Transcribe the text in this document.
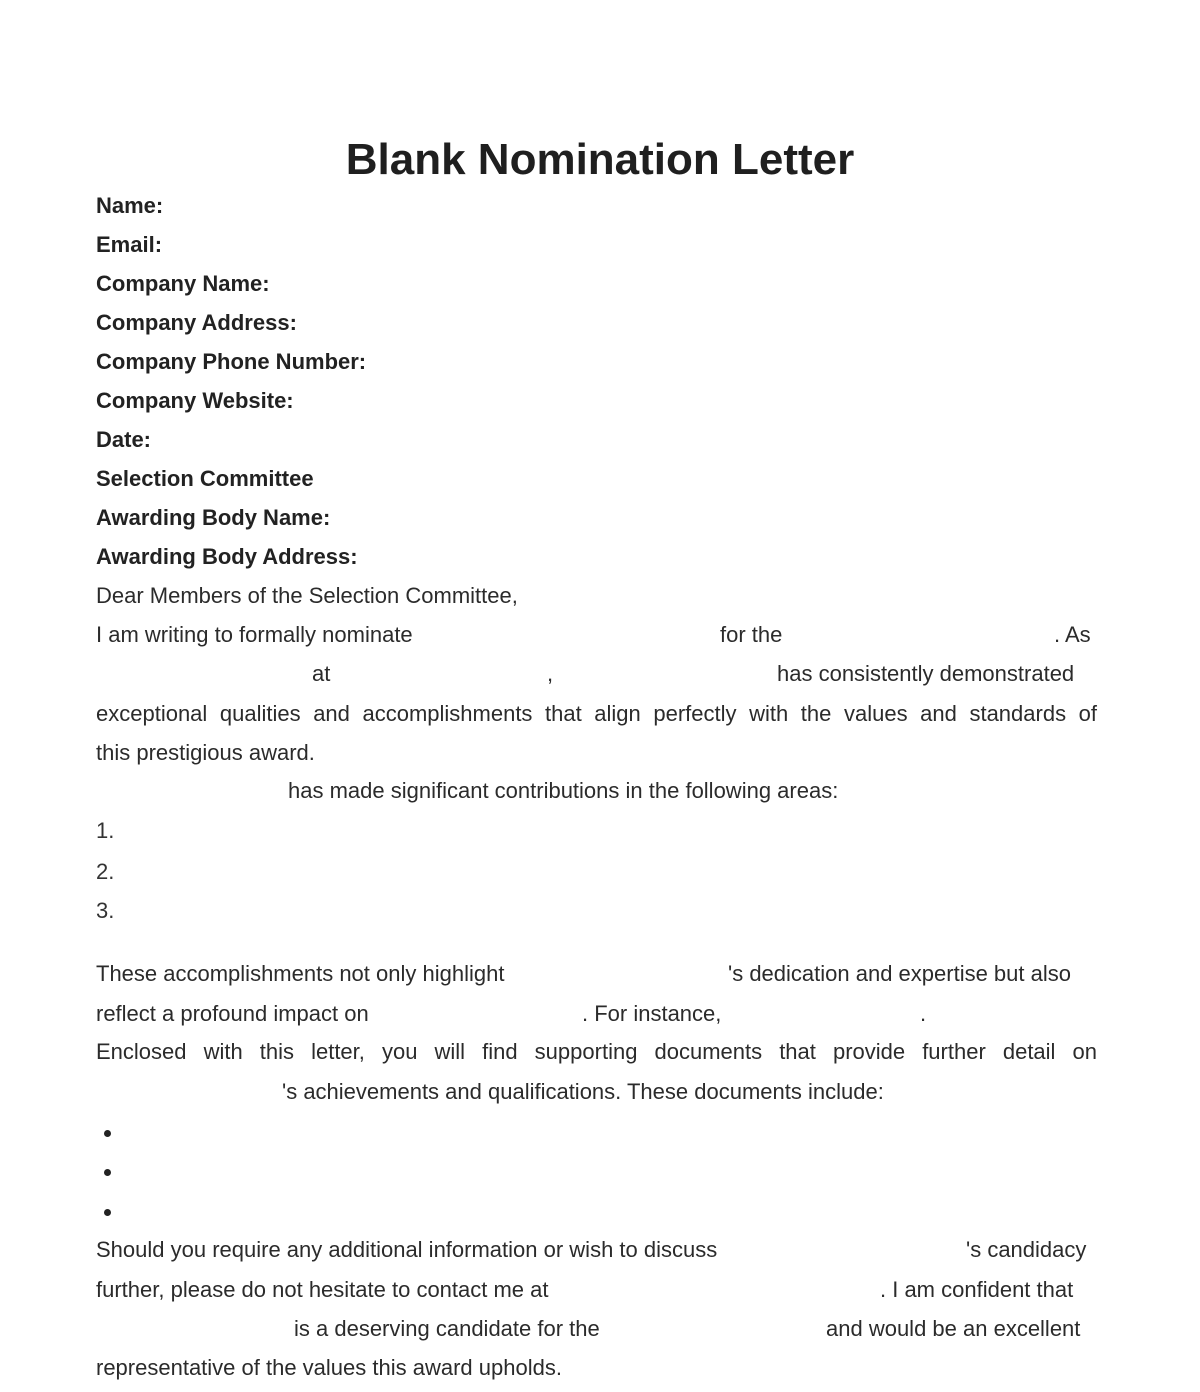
Blank Nomination Letter
Name:
Email:
Company Name:
Company Address:
Company Phone Number:
Company Website:
Date:
Selection Committee
Awarding Body Name:
Awarding Body Address:
Dear Members of the Selection Committee,
I am writing to formally nominate	for the	. As
at	,	has consistently demonstrated
exceptional qualities and accomplishments that align perfectly with the values and standards of
this prestigious award.
has made significant contributions in the following areas:
1.
2.
3.
These accomplishments not only highlight	's dedication and expertise but also
reflect a profound impact on	. For instance,	.
Enclosed with this letter, you will find supporting documents that provide further detail on
's achievements and qualifications. These documents include:
Should you require any additional information or wish to discuss	's candidacy
further, please do not hesitate to contact me at	. I am confident that
is a deserving candidate for the	and would be an excellent
representative of the values this award upholds.
